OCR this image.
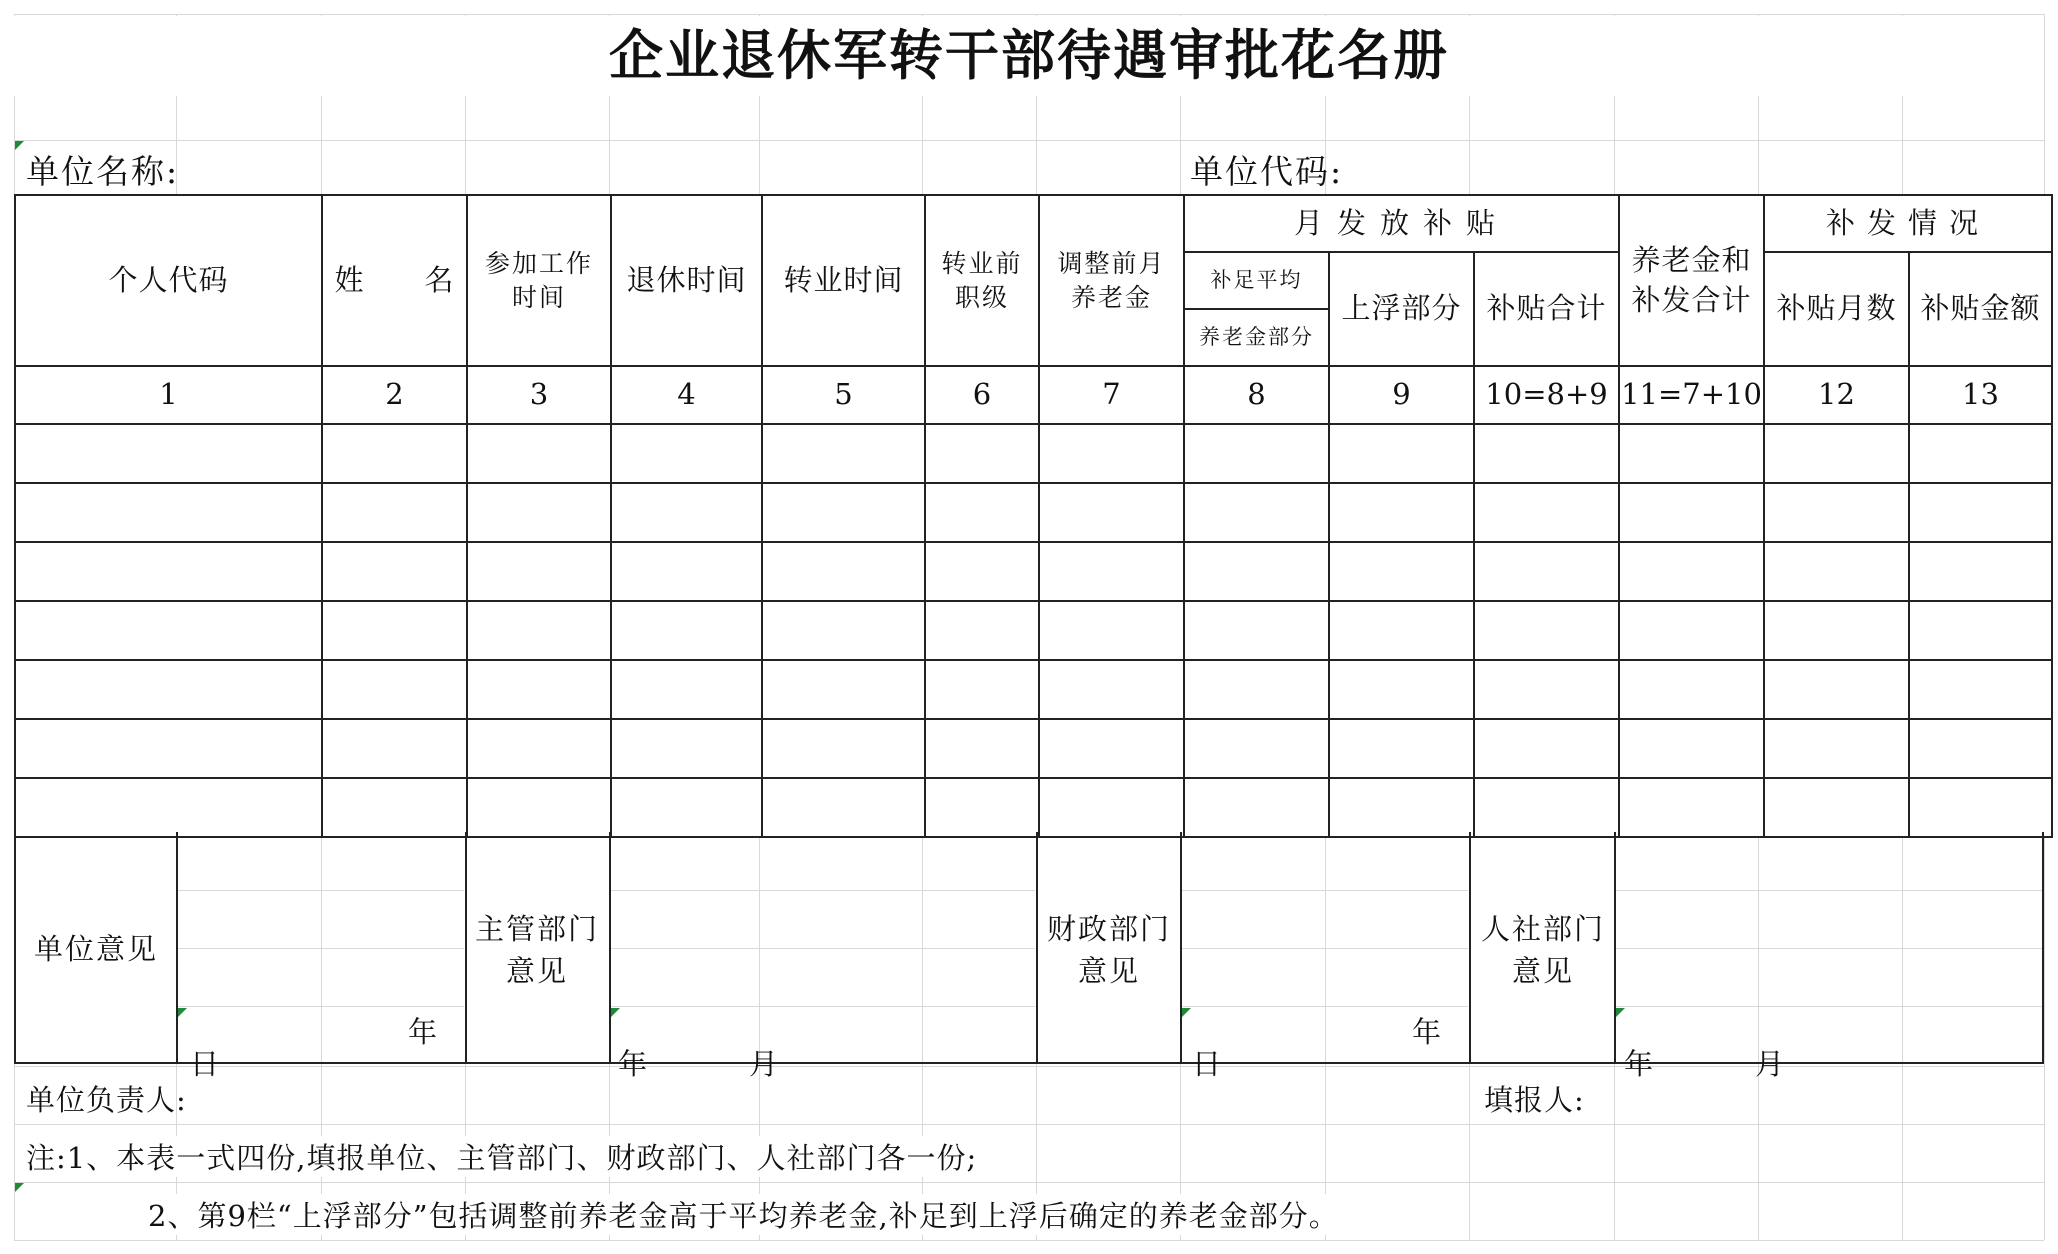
企业退休军转干部待遇审批花名册
单位名称:	单位代码:
个人代码	姓　　名	参加工作时间	退休时间	转业时间	转业前职级	调整前月养老金	月发放补贴			养老金和补发合计	补发情况	
							补足平均	上浮部分	补贴合计		补贴月数	补贴金额
							养老金部分					
1	2	3	4	5	6	7	8	9	10=8+9	11=7+10	12	13

单位意见
主管部门意见
财政部门意见
人社部门意见
年
日	年	月
年
日	年	月
单位负责人:	填报人:
注:1、本表一式四份,填报单位、主管部门、财政部门、人社部门各一份;
2、第9栏“上浮部分”包括调整前养老金高于平均养老金,补足到上浮后确定的养老金部分。
